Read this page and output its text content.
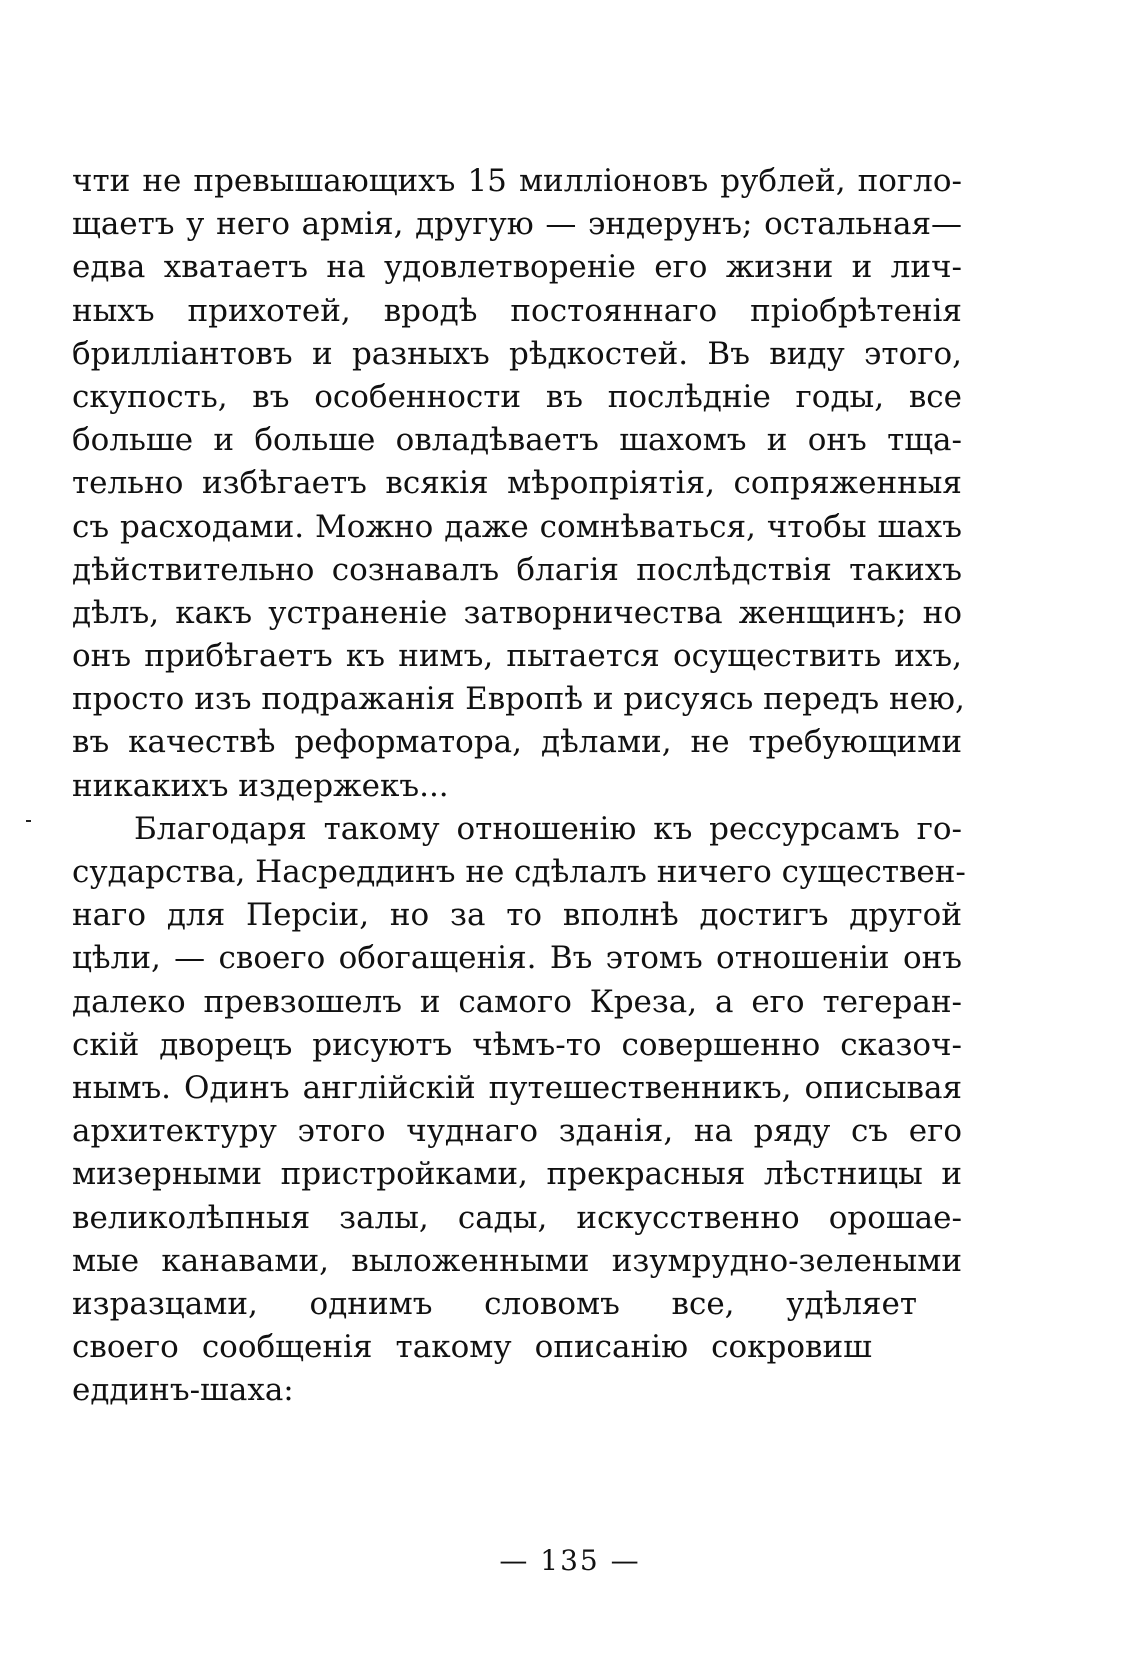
чти не превышающихъ 15 милліоновъ рублей, погло-
щаетъ у него армія, другую — эндерунъ; остальная—
едва хватаетъ на удовлетвореніе его жизни и лич-
ныхъ прихотей, вродѣ постояннаго пріобрѣтенія
брилліантовъ и разныхъ рѣдкостей. Въ виду этого,
скупость, въ особенности въ послѣдніе годы, все
больше и больше овладѣваетъ шахомъ и онъ тща-
тельно избѣгаетъ всякія мѣропріятія, сопряженныя
съ расходами. Можно даже сомнѣваться, чтобы шахъ
дѣйствительно сознавалъ благія послѣдствія такихъ
дѣлъ, какъ устраненіе затворничества женщинъ; но
онъ прибѣгаетъ къ нимъ, пытается осуществить ихъ,
просто изъ подражанія Европѣ и рисуясь передъ нею,
въ качествѣ реформатора, дѣлами, не требующими
никакихъ издержекъ...
Благодаря такому отношенію къ рессурсамъ го-
сударства, Насреддинъ не сдѣлалъ ничего существен-
наго для Персіи, но за то вполнѣ достигъ другой
цѣли, — своего обогащенія. Въ этомъ отношеніи онъ
далеко превзошелъ и самого Креза, а его тегеран-
скій дворецъ рисуютъ чѣмъ-то совершенно сказоч-
нымъ. Одинъ англійскій путешественникъ, описывая
архитектуру этого чуднаго зданія, на ряду съ его
мизерными пристройками, прекрасныя лѣстницы и
великолѣпныя залы, сады, искусственно орошае-
мые канавами, выложенными изумрудно-зелеными
изразцами, однимъ словомъ все, удѣляет
своего сообщенія такому описанію сокровиш
еддинъ-шаха:
— 135 —
